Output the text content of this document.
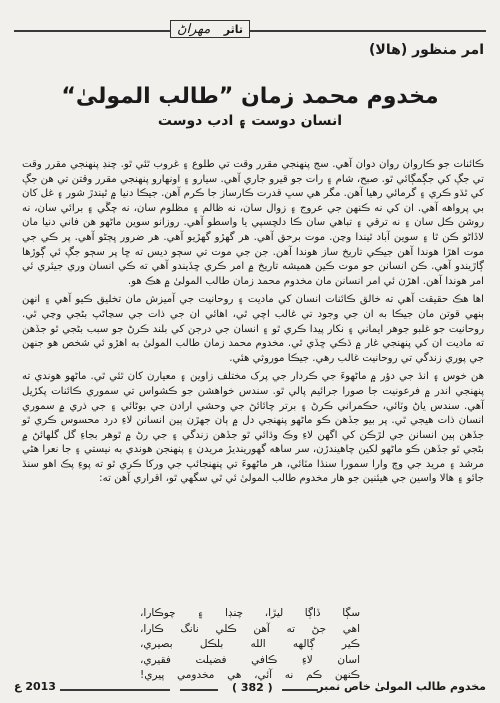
مهراڻ تاثر
امر منظور (هالا)
مخدوم محمد زمان ”طالب المولىٰ“
انسان دوست ۽ ادب دوست

ڪائنات جو ڪاروان روان دوان آهي. سج پنهنجي مقرر وقت تي طلوع ۽ غروب ٿئي ٿو. چنڊ پنهنجي مقرر وقت تي جڳ کي جڳمڳائي ٿو. صبح، شام ۽ رات جو قيرو جاري آهي. سيارو ۽ اونهارو پنهنجي مقرر وقتن تي هن جڳ کي ٿڌو ڪري ۽ گرمائي رهيا آهن. مگر هي سڀ قدرت ڪارساز جا ڪرم آهن. جيڪا دنيا ۾ ٿيندڙ شور ۽ غل کان بي پرواهه آهي. ان کي نه ڪنهن جي عروج ۽ زوال سان، نه ظالم ۽ مظلوم سان، نه چڱي ۽ برائي سان، نه روشن ڪل سان ۽ نه ترقي ۽ تباهي سان ڪا دلچسپي يا واسطو آهي. روزانو سوين ماڻهو هن فاني دنيا مان لاڏاڻو ڪن ٿا ۽ سوين آباد ٿيندا وڃن. موت برحق آهي. هر گهڙو گهڙيو آهي. هر ضرور ڀڄڻو آهي. پر ڪي جي موت اهڙا هوندا آهن جيڪي تاريخ ساز هوندا آهن. جن جي موت تي سڄو ديس ته ڇا پر سڄو جڳ ئي ڳوڙها ڳاڙيندو آهي. ڪن انسانن جو موت ڪين هميشه تاريخ ۾ امر ڪري ڇڏيندو آهي ته ڪي انسان وري جيئري ئي امر هوندا آهن. اهڙن ئي امر انسانن مان مخدوم محمد زمان طالب المولىٰ ۾ هڪ هو.

اها هڪ حقيقت آهي ته خالق ڪائنات انسان کي ماديت ۽ روحانيت جي آميزش مان تخليق ڪيو آهي ۽ انهن ٻنهي قوتن مان جيڪا به ان جي وجود تي غالب اچي ٿي، اهائي ان جي ذات جي سڃاڻپ بڻجي وڃي ٿي. روحانيت جو غلبو جوهر ايماني ۽ نکار پيدا ڪري ٿو ۽ انسان جي درجن کي بلند ڪرڻ جو سبب بڻجي ٿو جڏهن ته ماديت ان کي پنهنجي غار ۾ ڌڪي ڇڏي ٿي. مخدوم محمد زمان طالب المولىٰ به اهڙو ئي شخص هو جنهن جي پوري زندگي تي روحانيت غالب رهي. جيڪا موروثي هئي.

هن خوس ۽ انڌ جي دؤر ۾ ماڻهوءَ جي ڪردار جي پرک مختلف زاوين ۽ معيارن کان ٿئي ٿي. ماڻهو هوندي ته پنهنجي اندر ۾ فرعونيت جا صورا جرائيم پالي ٿو. سندس خواهشن جو ڪشواس تي سموري ڪائنات پکڙيل آهي. سندس ياڻ وٽائي، حڪمراني ڪرڻ ۽ برتر چائائڻ جي وحشي ارادن جي بوڻائي ۽ جي ذري ۾ سموري انسان ذات هيجي ٿي. پر بيو جڏهن ڪو ماڻهو پنهنجي دل ۾ ٻان جهڙن ٻين انسانن لاءِ درد محسوس ڪري ٿو جڏهن ٻين انسانن جي لڙڪن کي اگهن لاءِ وڪ وڌائي ٿو جڏهن زندگي ۽ جي رڻ ۾ ٿوهر بجاءِ گل گلهائڻ ۾ بڻجي ٿو جڏهن ڪو ماڻهو لکين چاهيندڙن، سر ساهه گهورينديڙ مريدن ۽ پنهنجن هوندي به نيستي ۽ جا نعرا هڻي مرشد ۽ مريد جي وچ وارا سمورا سنڌا مٽائي، هر ماڻهوءَ تي پنهنجائپ جي ورکا ڪري ٿو ته پوءِ پڪ اهو سنڌ جائو ۽ هالا واسين جي هيئنين جو هار مخدوم طالب المولىٰ ئي ٿي سگهي ٿو، اقراري آهن ته:

سڳا
ڏاڳا
ليڙا،
چنڊا
۽
چوڪارا،
اهي
جڻ
ته
آهن
ڪلي
نانگ
ڪارا،
ڪير
ڳالهه
الله
بلڪل
بصيري،
اسان
لاءِ
ڪافي
فضيلت
فقيري،
ڪنهن
ڪم
نه
آئي،
هي
مخدومي
پيري!
مخدوم طالب المولىٰ خاص نمبر
( 382 )
2013 ع
